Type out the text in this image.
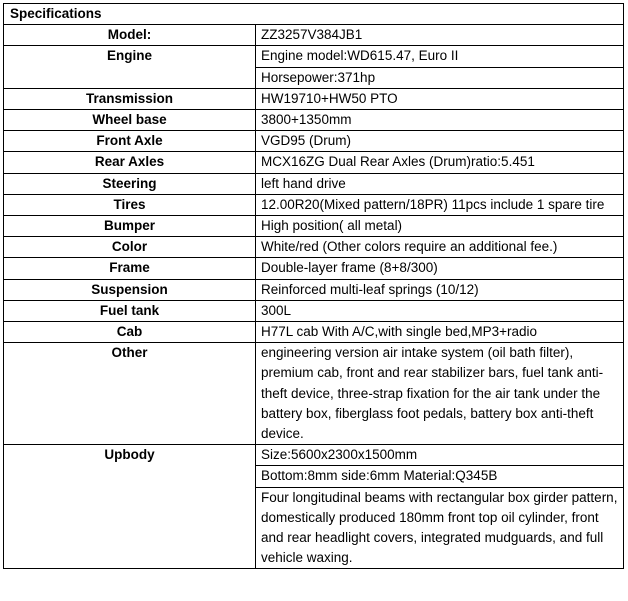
Specifications	
Model:	ZZ3257V384JB1
Engine	Engine model:WD615.47, Euro II
	Horsepower:371hp
Transmission	HW19710+HW50 PTO
Wheel base	3800+1350mm
Front Axle	VGD95 (Drum)
Rear Axles	MCX16ZG Dual Rear Axles (Drum)ratio:5.451
Steering	left hand drive
Tires	12.00R20(Mixed pattern/18PR) 11pcs include 1 spare tire
Bumper	High position( all metal)
Color	White/red (Other colors require an additional fee.)
Frame	Double-layer frame (8+8/300)
Suspension	Reinforced multi-leaf springs (10/12)
Fuel tank	300L
Cab	H77L cab With A/C,with single bed,MP3+radio
Other	engineering version air intake system (oil bath filter), premium cab, front and rear stabilizer bars, fuel tank anti-theft device, three-strap fixation for the air tank under the battery box, fiberglass foot pedals, battery box anti-theft device.
Upbody	Size:5600x2300x1500mm
	Bottom:8mm side:6mm Material:Q345B
	Four longitudinal beams with rectangular box girder pattern, domestically produced 180mm front top oil cylinder, front and rear headlight covers, integrated mudguards, and full vehicle waxing.
